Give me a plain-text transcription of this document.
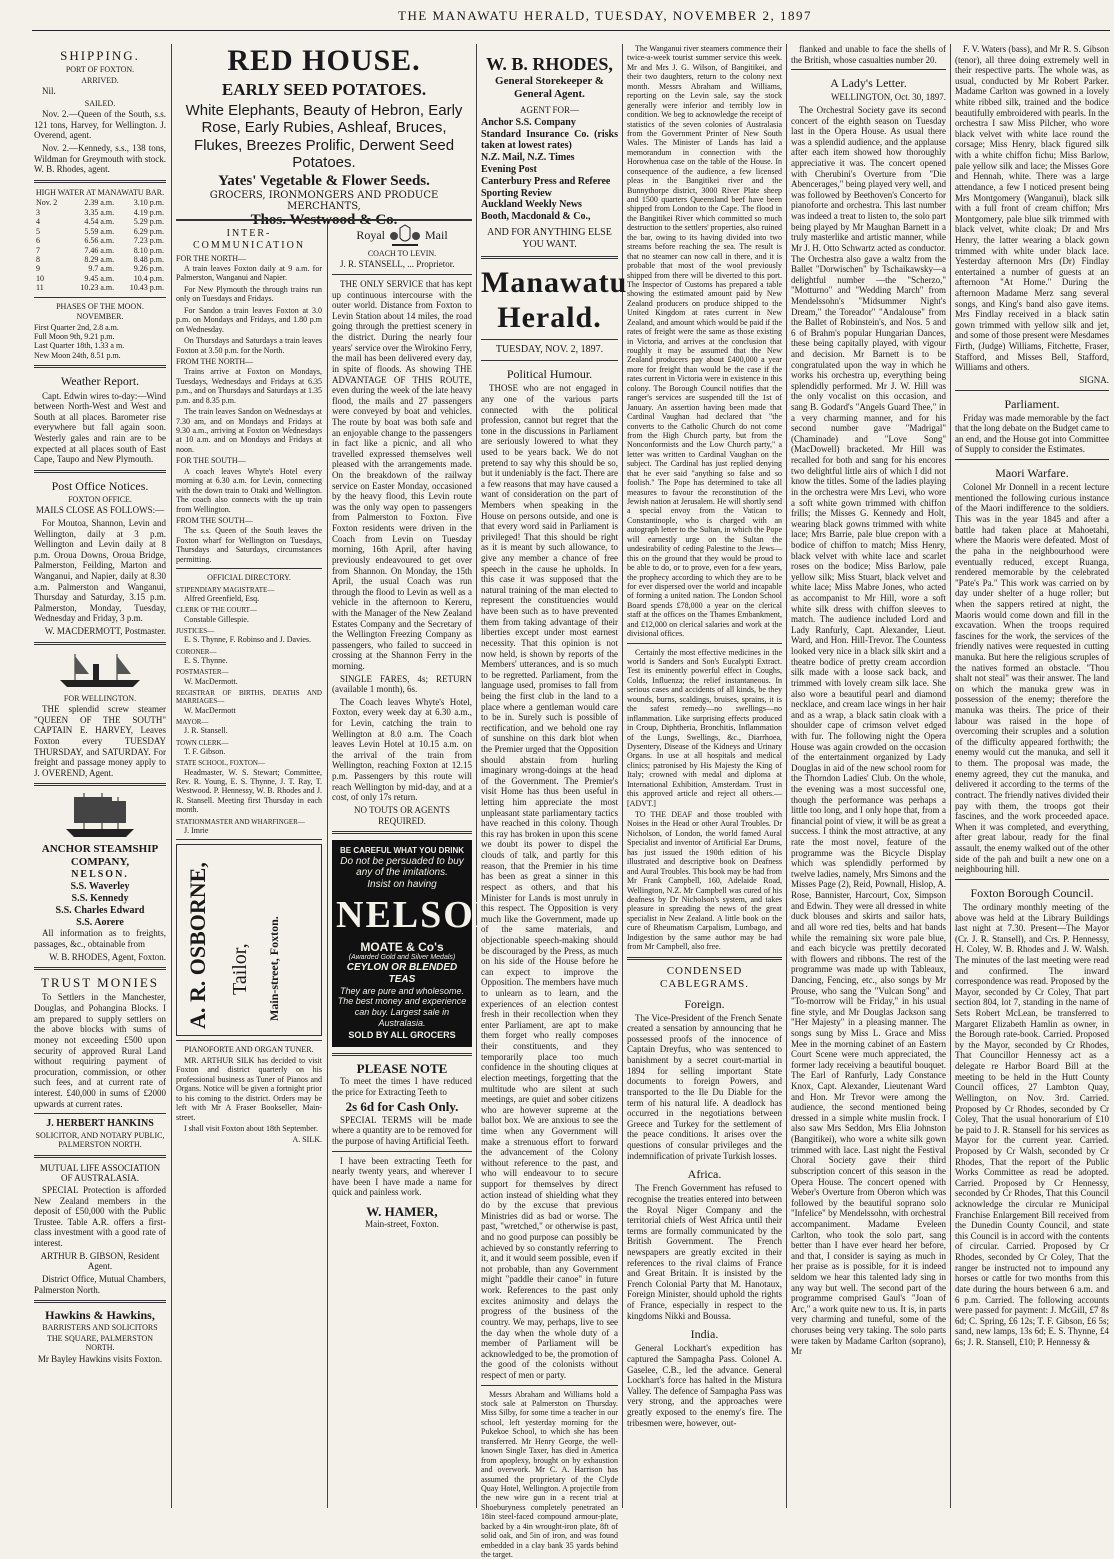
THE MANAWATU HERALD, TUESDAY, NOVEMBER 2, 1897
SHIPPING.
PORT OF FOXTON.
ARRIVED.

Nil.

SAILED.

Nov. 2.—Queen of the South, s.s. 121 tons, Harvey, for Wellington. J. Overend, agent.

Nov. 2.—Kennedy, s.s., 138 tons, Wildman for Greymouth with stock. W. B. Rhodes, agent.

HIGH WATER AT MANAWATU BAR.
Nov. 2	2.39 a.m.	3.10 p.m.
3	3.35 a.m.	4.19 p.m.
4	4.54 a.m.	5.29 p.m.
5	5.59 a.m.	6.29 p.m.
6	6.56 a.m.	7.23 p.m.
7	7.46 a.m.	8.10 p.m.
8	8.29 a.m.	8.48 p.m.
9	9.7 a.m.	9.26 p.m.
10	9.45 a.m.	10.4 p.m.
11	10.23 a.m.	10.43 p.m.
PHASES OF THE MOON.
NOVEMBER.
First Quarter 2nd, 2.8 a.m.
Full Moon 9th, 9.21 p.m.
Last Quarter 18th, 1.33 a m.
New Moon 24th, 8.51 p.m.
Weather Report.

Capt. Edwin wires to-day:—Wind between North-West and West and South at all places. Barometer rise everywhere but fall again soon. Westerly gales and rain are to be expected at all places south of East Cape, Taupo and New Plymouth.

Post Office Notices.
FOXTON OFFICE.

MAILS CLOSE AS FOLLOWS:—

For Moutoa, Shannon, Levin and Wellington, daily at 3 p.m. Wellington and Levin daily at 8 p.m. Oroua Downs, Oroua Bridge, Palmerston, Feilding, Marton and Wanganui, and Napier, daily at 8.30 a.m. Palmerston and Wanganui, Thursday and Saturday, 3.15 p.m. Palmerston, Monday, Tuesday, Wednesday and Friday, 3 p.m.

W. MACDERMOTT, Postmaster.

FOR WELLINGTON.

THE splendid screw steamer "QUEEN OF THE SOUTH" CAPTAIN E. HARVEY, Leaves Foxton every TUESDAY THURSDAY, and SATURDAY. For freight and passage money apply to J. OVEREND, Agent.

ANCHOR STEAMSHIP COMPANY,
NELSON.
S.S. Waverley
S.S. Kennedy
S.S. Charles Edward
S.S. Aorere

All information as to freights, passages, &c., obtainable from

W. B. RHODES, Agent, Foxton.

TRUST MONIES

To Settlers in the Manchester, Douglas, and Pohangina Blocks. I am prepared to supply settlers on the above blocks with sums of money not exceeding £500 upon security of approved Rural Land without requiring payment of procuration, commission, or other such fees, and at current rate of interest. £40,000 in sums of £2000 upwards at current rates.

J. HERBERT HANKINS
SOLICITOR, AND NOTARY PUBLIC, PALMERSTON NORTH.
MUTUAL LIFE ASSOCIATION OF AUSTRALASIA.

SPECIAL Protection is afforded New Zealand members in the deposit of £50,000 with the Public Trustee. Table A.R. offers a first-class investment with a good rate of interest.

ARTHUR B. GIBSON, Resident Agent.

District Office, Mutual Chambers, Palmerston North.

Hawkins & Hawkins,
BARRISTERS AND SOLICITORS
THE SQUARE, PALMERSTON NORTH.

Mr Bayley Hawkins visits Foxton.

RED HOUSE.
EARLY SEED POTATOES.
White Elephants, Beauty of Hebron, Early Rose, Early Rubies, Ashleaf, Bruces, Flukes, Breezes Prolific, Derwent Seed Potatoes.
Yates' Vegetable & Flower Seeds.
GROCERS, IRONMONGERS AND PRODUCE MERCHANTS,
Thos. Westwood & Co.
INTER-COMMUNICATION
FOR THE NORTH—

A train leaves Foxton daily at 9 a.m. for Palmerston, Wanganui and Napier.

For New Plymouth the through trains run only on Tuesdays and Fridays.

For Sandon a train leaves Foxton at 3.0 p.m. on Mondays and Fridays, and 1.80 p.m on Wednesday.

On Thursdays and Saturdays a train leaves Foxton at 3.50 p.m. for the North.

FROM THE NORTH—

Trains arrive at Foxton on Mondays, Tuesdays, Wednesdays and Fridays at 6.35 p.m., and on Thursdays and Saturdays at 1.35 p.m. and 8.35 p.m.

The train leaves Sandon on Wednesdays at 7.30 am, and on Mondays and Fridays at 9.30 a.m., arriving at Foxton on Wednesdays at 10 a.m. and on Mondays and Fridays at noon.

FOR THE SOUTH—

A coach leaves Whyte's Hotel every morning at 6.30 a.m. for Levin, connecting with the down train to Otaki and Wellington. The coach also connects with the up train from Wellington.

FROM THE SOUTH—

The s.s. Queen of the South leaves the Foxton wharf for Wellington on Tuesdays, Thursdays and Saturdays, circumstances permitting.

OFFICIAL DIRECTORY.
STIPENDIARY MAGISTRATE—

Alfred Greenfield, Esq.

CLERK OF THE COURT—

Constable Gillespie.

JUSTICES—

E. S. Thynne, F. Robinso and J. Davies.

CORONER—

E. S. Thynne.

POSTMASTER—

W. MacDermott.

REGISTRAR OF BIRTHS, DEATHS AND MARRIAGES—

W. MacDermott

MAYOR—

J. R. Stansell.

TOWN CLERK—

T. F. Gibson.

STATE SCHOOL, FOXTON—

Headmaster, W. S. Stewart; Committee, Rev. R. Young, E. S. Thynne, J. T. Ray, T. Westwood. P. Hennessy, W. B. Rhodes and J. R. Stansell. Meeting first Thursday in each month.

STATIONMASTER AND WHARFINGER—

J. Imrie

A. R. OSBORNE, Tailor, Main-street, Foxton.
PIANOFORTE AND ORGAN TUNER.

MR. ARTHUR SILK has decided to visit Foxton and district quarterly on his professional business as Tuner of Pianos and Organs. Notice will be given a fortnight prior to his coming to the district. Orders may be left with Mr A Fraser Bookseller, Main-street.

I shall visit Foxton about 18th September.

A. SILK.

Royal	Mail
COACH TO LEVIN.

J. R. STANSELL, ... Proprietor.

THE ONLY SERVICE that has kept up continuous intercourse with the outer world. Distance from Foxton to Levin Station about 14 miles, the road going through the prettiest scenery in the district. During the nearly four years' service over the Wirokino Ferry, the mail has been delivered every day, in spite of floods. As showing THE ADVANTAGE OF THIS ROUTE, even during the week of the late heavy flood, the mails and 27 passengers were conveyed by boat and vehicles. The route by boat was both safe and an enjoyable change to the passengers in fact like a picnic, and all who travelled expressed themselves well pleased with the arrangements made. On the breakdown of the railway service on Easter Monday, occasioned by the heavy flood, this Levin route was the only way open to passengers from Palmerston to Foxton. Five Foxton residents were driven in the Coach from Levin on Tuesday morning, 16th April, after having previously endeavoured to get over from Shannon. On Monday, the 15th April, the usual Coach was run through the flood to Levin as well as a vehicle in the afternoon to Kereru, with the Manager of the New Zealand Estates Company and the Secretary of the Wellington Freezing Company as passengers, who failed to succeed in crossing at the Shannon Ferry in the morning.

SINGLE FARES, 4s; RETURN (available 1 month), 6s.

The Coach leaves Whyte's Hotel, Foxton, every week day at 6.30 a.m., for Levin, catching the train to Wellington at 8.0 a.m. The Coach leaves Levin Hotel at 10.15 a.m. on the arrival of the train from Wellington, reaching Foxton at 12.15 p.m. Passengers by this route will reach Wellington by mid-day, and at a cost, of only 17s return.

NO TOUTS OR AGENTS REQUIRED.

BE CAREFUL WHAT YOU DRINK
Do not be persuaded to buy any of the imitations.
Insist on having
NELSON
MOATE & Co's
(Awarded Gold and Silver Medals)
CEYLON OR BLENDED TEAS
They are pure and wholesome. The best money and experience can buy. Largest sale in Australasia.
SOLD BY ALL GROCERS
PLEASE NOTE

To meet the times I have reduced the price for Extracting Teeth to

2s 6d for Cash Only.

SPECIAL TERMS will be made where a quantity are to be removed for the purpose of having Artificial Teeth.

I have been extracting Teeth for nearly twenty years, and wherever I have been I have made a name for quick and painless work.

W. HAMER,

Main-street, Foxton.

W. B. RHODES,
General Storekeeper & General Agent.
AGENT FOR—
Anchor S.S. Company
Standard Insurance Co. (risks taken at lowest rates)
N.Z. Mail, N.Z. Times
Evening Post
Canterbury Press and Referee
Sporting Review
Auckland Weekly News
Booth, Macdonald & Co.,
AND FOR ANYTHING ELSE YOU WANT.
Manawatu Herald.
TUESDAY, NOV. 2, 1897.
Political Humour.

THOSE who are not engaged in any one of the various parts connected with the political profession, cannot but regret that the tone in the discussions in Parliament are seriously lowered to what they used to be years back. We do not pretend to say why this should be so, but it undeniably is the fact. There are a few reasons that may have caused a want of consideration on the part of Members when speaking in the House on persons outside, and one is that every word said in Parliament is privileged! That this should be right as it is meant by such allowance, to give any member a chance of free speech in the cause he upholds. In this case it was supposed that the natural training of the man elected to represent the constituencies would have been such as to have prevented them from taking advantage of their liberties except under most earnest necessity. That this opinion is not now held, is shown by reports of the Members' utterances, and is so much to be regretted. Parliament, from the language used, promises to fall from being the first club in the land to a place where a gentleman would care to be in. Surely such is possible of rectification, and we behold one ray of sunshine on this dark blot when the Premier urged that the Opposition should abstain from hurling imaginary wrong-doings at the head of the Government. The Premier's visit Home has thus been useful in letting him appreciate the most unpleasant state parliamentary tactics have reached in this colony. Though this ray has broken in upon this scene we doubt its power to dispel the clouds of talk, and partly for this reason, that the Premier in his time has been as great a sinner in this respect as others, and that his Minister for Lands is most unruly in this respect. The Opposition is very much like the Government, made up of the same materials, and objectionable speech-making should be discouraged by the Press, as much on his side of the House before he can expect to improve the Opposition. The members have much to unlearn as to learn, and the experiences of an election contest fresh in their recollection when they enter Parliament, are apt to make them forget who really composes their constituents, and they temporarily place too much confidence in the shouting cliques at election meetings, forgetting that the multitude who are silent at such meetings, are quiet and sober citizens who are however supreme at the ballot box. We are anxious to see the time when any Government will make a strenuous effort to forward the advancement of the Colony without reference to the past, and who will endeavour to to secure support for themselves by direct action instead of shielding what they do by the excuse that previous Ministries did as bad or worse. The past, "wretched," or otherwise is past, and no good purpose can possibly be achieved by so constantly referring to it, and it would seem possible, even if not probable, than any Government might "paddle their canoe" in future work. References to the past only excites animosity and delays the progress of the business of the country. We may, perhaps, live to see the day when the whole duty of a member of Parliament will be acknowledged to be, the promotion of the good of the colonists without respect of men or party.

Messrs Abraham and Williams hold a stock sale at Palmerston on Thursday. Miss Silby, for some time a teacher in our school, left yesterday morning for the Pukekoe School, to which she has been transferred. Mr Henry George, the well-known Single Taxer, has died in America from apoplexy, brought on by exhaustion and overwork. Mr C. A. Harrison has assumed the proprietary of the Clyde Quay Hotel, Wellington. A projectile from the new wire gun in a recent trial at Shoeburyness completely penetrated an 18in steel-faced compound armour-plate, backed by a 4in wrought-iron plate, 8ft of solid oak, and 5in of iron, and was found embedded in a clay bank 35 yards behind the target.

The Wanganui river steamers commence their twice-a-week tourist summer service this week. Mr and Mrs J. G. Wilson, of Bangitikei, and their two daughters, return to the colony next month. Messrs Abraham and Williams, reporting on the Levin sale, say the stock generally were inferior and terribly low in condition. We beg to acknowledge the receipt of statistics of the seven colonies of Australasia from the Government Printer of New South Wales. The Minister of Lands has laid a memorandum in connection with the Horowhenua case on the table of the House. In consequence of the audience, a few licensed pleas in the Bangitikei river and the Bunnythorpe district, 3000 River Plate sheep and 1500 quarters Queensland beef have been shipped from London to the Cape. The flood in the Bangitikei River which committed so much destruction to the settlers' properties, also ruined the bar, owing to its having divided into two streams before reaching the sea. The result is that no steamer can now call in there, and it is probable that most of the wool previously shipped from there will be diverted to this port. The Inspector of Customs has prepared a table showing the estimated amount paid by New Zealand producers on produce shipped to the United Kingdom at rates current in New Zealand, and amount which would be paid if the rates of freight were the same as those existing in Victoria, and arrives at the conclusion that roughly it may be assumed that the New Zealand producers pay about £400,000 a year more for freight than would be the case if the rates current in Victoria were in existence in this colony. The Borough Council notifies that the ranger's services are suspended till the 1st of January. An assertion having been made that Cardinal Vaughan had declared that "the converts to the Catholic Church do not come from the High Church party, but from the Nonconformists and the Low Church party," a letter was written to Cardinal Vaughan on the subject. The Cardinal has just replied denying that he ever said "anything so false and so foolish." The Pope has determined to take all measures to favour the reconstitution of the Jewish nation at Jerusalem. He will shortly send a special envoy from the Vatican to Constantinople, who is charged with an autograph letter to the Sultan, in which the Pope will earnestly urge on the Sultan the undesirability of ceding Palestine to the Jews—this on the ground that they would be proud to be able to do, or to prove, even for a few years, the prophecy according to which they are to be for ever dispersed over the world and incapable of forming a united nation. The London School Board spends £78,000 a year on the clerical staff at the offices on the Thames Embankment, and £12,000 on clerical salaries and work at the divisional offices.

Certainly the most effective medicines in the world is Sanders and Son's Eucalypti Extract. Test its eminently powerful effect in Coughs, Colds, Influenza; the relief instantaneous. In serious cases and accidents of all kinds, be they wounds, burns, scaldings, bruises, sprains, it is the safest remedy—no swellings—no inflammation. Like surprising effects produced in Croup, Diphtheria, Bronchitis, Inflammation of the Lungs, Swellings, &c., Diarrhoea, Dysentery, Disease of the Kidneys and Urinary Organs. In use at all hospitals and medical clinics; patronised by His Majesty the King of Italy; crowned with medal and diploma at International Exhibition, Amsterdam. Trust in this approved article and reject all others.—[ADVT.]

TO THE DEAF and those troubled with Noises in the Head or other Aural Troubles. Dr Nicholson, of London, the world famed Aural Specialist and inventor of Artificial Ear Drums, has just issued the 190th edition of his illustrated and descriptive book on Deafness and Aural Troubles. This book may be had from Mr Frank Campbell, 160, Adelaide Road, Wellington, N.Z. Mr Campbell was cured of his deafness by Dr Nicholson's system, and takes pleasure in spreading the news of the great specialist in New Zealand. A little book on the cure of Rheumatism Carpalism, Lumbago, and Indigestion by the same author may be had from Mr Campbell, also free.

CONDENSED CABLEGRAMS.
Foreign.

The Vice-President of the French Senate created a sensation by announcing that he possessed proofs of the innocence of Captain Dreyfus, who was sentenced to banishment by a secret court-martial in 1894 for selling important State documents to foreign Powers, and transported to the Ile Du Diable for the term of his natural life. A deadlock has occurred in the negotiations between Greece and Turkey for the settlement of the peace conditions. It arises over the questions of consular privileges and the indemnification of private Turkish losses.

Africa.

The French Government has refused to recognise the treaties entered into between the Royal Niger Company and the territorial chiefs of West Africa until their terms are formally communicated by the British Government. The French newspapers are greatly excited in their references to the rival claims of France and Great Britain. It is insisted by the French Colonial Party that M. Hanotaux, Foreign Minister, should uphold the rights of France, especially in respect to the kingdoms Nikki and Boussa.

India.

General Lockhart's expedition has captured the Sampagha Pass. Colonel A. Gaselee, C.B., led the advance. General Lockhart's force has halted in the Mistura Valley. The defence of Sampagha Pass was very strong, and the approaches were greatly exposed to the enemy's fire. The tribesmen were, however, out-

flanked and unable to face the shells of the British, whose casualties number 20.

A Lady's Letter.

WELLINGTON, Oct. 30, 1897.

The Orchestral Society gave its second concert of the eighth season on Tuesday last in the Opera House. As usual there was a splendid audience, and the applause after each item showed how thoroughly appreciative it was. The concert opened with Cherubini's Overture from "Die Abencerages," being played very well, and was followed by Beethoven's Concerto for pianoforte and orchestra. This last number was indeed a treat to listen to, the solo part being played by Mr Maughan Barnett in a truly masterlike and artistic manner, while Mr J. H. Otto Schwartz acted as conductor. The Orchestra also gave a waltz from the Ballet "Dorwischen" by Tschaikawsky—a delightful number —the "Scherzo," "Motturno" and "Wedding March" from Mendelssohn's "Midsummer Night's Dream," the Toreador" "Andalouse" from the Ballet of Robinstein's, and Nos. 5 and 6 of Brahm's popular Hungarian Dances, these being capitally played, with vigour and decision. Mr Barnett is to be congratulated upon the way in which he works his orchestra up, everything being splendidly performed. Mr J. W. Hill was the only vocalist on this occasion, and sang B. Godard's "Angels Guard Thee," in a very charming manner, and for his second number gave "Madrigal" (Chaminade) and "Love Song" (MacDowell) bracketed. Mr Hill was recalled for both and sang for his encores two delightful little airs of which I did not know the titles. Some of the ladies playing in the orchestra were Mrs Levi, who wore a soft white gown trimmed with chiffon frills; the Misses G. Kennedy and Holt, wearing black gowns trimmed with white lace; Mrs Barrie, pale blue crepon with a bodice of chiffon to match; Miss Henry, black velvet with white lace and scarlet roses on the bodice; Miss Barlow, pale yellow silk; Miss Stuart, black velvet and white lace; Miss Mabre Jones, who acted as accompanist to Mr Hill, wore a soft white silk dress with chiffon sleeves to match. The audience included Lord and Lady Ranfurly, Capt. Alexander, Lieut. Ward, and Hon. Hill-Trevor. The Countess looked very nice in a black silk skirt and a theatre bodice of pretty cream accordion silk made with a loose sack back, and trimmed with lovely cream silk lace. She also wore a beautiful pearl and diamond necklace, and cream lace wings in her hair and as a wrap, a black satin cloak with a shoulder cape of crimson velvet edged with fur. The following night the Opera House was again crowded on the occasion of the entertainment organized by Lady Douglas in aid of the new school room for the Thorndon Ladies' Club. On the whole, the evening was a most successful one, though the performance was perhaps a little too long, and I only hope that, from a financial point of view, it will be as great a success. I think the most attractive, at any rate the most novel, feature of the programme was the Bicycle Display which was splendidly performed by twelve ladies, namely, Mrs Simons and the Misses Page (2), Reid, Pownall, Hislop, A. Rose, Bannister, Harcourt, Cox, Simpson and Edwin. They were all dressed in white duck blouses and skirts and sailor hats, and all wore red ties, belts and hat bands while the remaining six wore pale blue, and each bicycle was prettily decorated with flowers and ribbons. The rest of the programme was made up with Tableaux, Dancing, Fencing, etc., also songs by Mr Prouse, who sang the "Vulcan Song" and "To-morrow will be Friday," in his usual fine style, and Mr Douglas Jackson sang "Her Majesty" in a pleasing manner. The songs sung by Miss L. Grace and Miss Mee in the morning cabinet of an Eastern Court Scene were much appreciated, the former lady receiving a beautiful bouquet. The Earl of Ranfurly, Lady Constance Knox, Capt. Alexander, Lieutenant Ward and Hon. Mr Trevor were among the audience, the second mentioned being dressed in a simple white muslin frock. I also saw Mrs Seddon, Mrs Elia Johnston (Bangitikei), who wore a white silk gown trimmed with lace. Last night the Festival Choral Society gave their third subscription concert of this season in the Opera House. The concert opened with Weber's Overture from Oberon which was followed by the beautiful soprano solo "Infelice" by Mendelssohn, with orchestral accompaniment. Madame Eveleen Carlton, who took the solo part, sang better than I have ever heard her before, and that, I consider is saying as much in her praise as is possible, for it is indeed seldom we hear this talented lady sing in any way but well. The second part of the programme comprised Gaul's "Joan of Arc," a work quite new to us. It is, in parts very charming and tuneful, some of the choruses being very taking. The solo parts were taken by Madame Carlton (soprano), Mr

F. V. Waters (bass), and Mr R. S. Gibson (tenor), all three doing extremely well in their respective parts. The whole was, as usual, conducted by Mr Robert Parker. Madame Carlton was gowned in a lovely white ribbed silk, trained and the bodice beautifully embroidered with pearls. In the orchestra I saw Miss Pilcher, who wore black velvet with white lace round the corsage; Miss Henry, black figured silk with a white chiffon fichu; Miss Barlow, pale yellow silk and lace; the Misses Gore and Hennah, white. There was a large attendance, a few I noticed present being Mrs Montgomery (Wanganui), black silk with a full front of cream chiffon; Mrs Montgomery, pale blue silk trimmed with black velvet, white cloak; Dr and Mrs Henry, the latter wearing a black gown trimmed with white under black lace. Yesterday afternoon Mrs (Dr) Findlay entertained a number of guests at an afternoon "At Home." During the afternoon Madame Merz sang several songs, and King's band also gave items. Mrs Findlay received in a black satin gown trimmed with yellow silk and jet, and some of those present were Mesdames Firth, (Judge) Williams, Fitchette, Fraser, Stafford, and Misses Bell, Stafford, Williams and others.

SIGNA.

Parliament.

Friday was made memorable by the fact that the long debate on the Budget came to an end, and the House got into Committee of Supply to consider the Estimates.

Maori Warfare.

Colonel Mr Donnell in a recent lecture mentioned the following curious instance of the Maori indifference to the soldiers. This was in the year 1845 and after a battle had taken place at Mahoetahi, where the Maoris were defeated. Most of the paha in the neighbourhood were eventually reduced, except Ruanga, rendered memorable by the celebrated "Pate's Pa." This work was carried on by day under shelter of a huge roller; but when the sappers retired at night, the Maoris would come down and fill in the excavation. When the troops required fascines for the work, the services of the friendly natives were requested in cutting manuka. But here the religious scruples of the natives formed an obstacle. "Thou shalt not steal" was their answer. The land on which the manuka grew was in possession of the enemy; therefore the manuka was theirs. The price of their labour was raised in the hope of overcoming their scruples and a solution of the difficulty appeared forthwith; the enemy would cut the manuka, and sell it to them. The proposal was made, the enemy agreed, they cut the manuka, and delivered it according to the terms of the contract. The friendly natives divided their pay with them, the troops got their fascines, and the work proceeded apace. When it was completed, and everything, after great labour, ready for the final assault, the enemy walked out of the other side of the pah and built a new one on a neighbouring hill.

Foxton Borough Council.

The ordinary monthly meeting of the above was held at the Library Buildings last night at 7.30. Present—The Mayor (Cr. J. R. Stansell), and Crs. P. Hennessy, H. Coley, W. B. Rhodes and J. W. Walsh. The minutes of the last meeting were read and confirmed. The inward correspondence was read. Proposed by the Mayor, seconded by Cr Coley, That part section 804, lot 7, standing in the name of Sets Robert McLean, be transferred to Margaret Elizabeth Hamlin as owner, in the Borough rate-book. Carried. Proposed by the Mayor, seconded by Cr Rhodes, That Councillor Hennessy act as a delegate re Harbor Board Bill at the meeting to be held in the Hutt County Council offices, 27 Lambton Quay, Wellington, on Nov. 3rd. Carried. Proposed by Cr Rhodes, seconded by Cr Coley, That the usual honorarium of £10 be paid to J. R. Stansell for his services as Mayor for the current year. Carried. Proposed by Cr Walsh, seconded by Cr Rhodes, That the report of the Public Works Committee as read be adopted. Carried. Proposed by Cr Hennessy, seconded by Cr Rhodes, That this Council acknowledge the circular re Municipal Franchise Enlargement Bill received from the Dunedin County Council, and state this Council is in accord with the contents of circular. Carried. Proposed by Cr Rhodes, seconded by Cr Coley, That the ranger be instructed not to impound any horses or cattle for two months from this date during the hours between 6 a.m. and 6 p.m. Carried. The following accounts were passed for payment: J. McGill, £7 8s 6d; C. Spring, £6 12s; T. F. Gibson, £6 5s; sand, new lamps, 13s 6d; E. S. Thynne, £4 6s; J. R. Stansell, £10; P. Hennessy &
